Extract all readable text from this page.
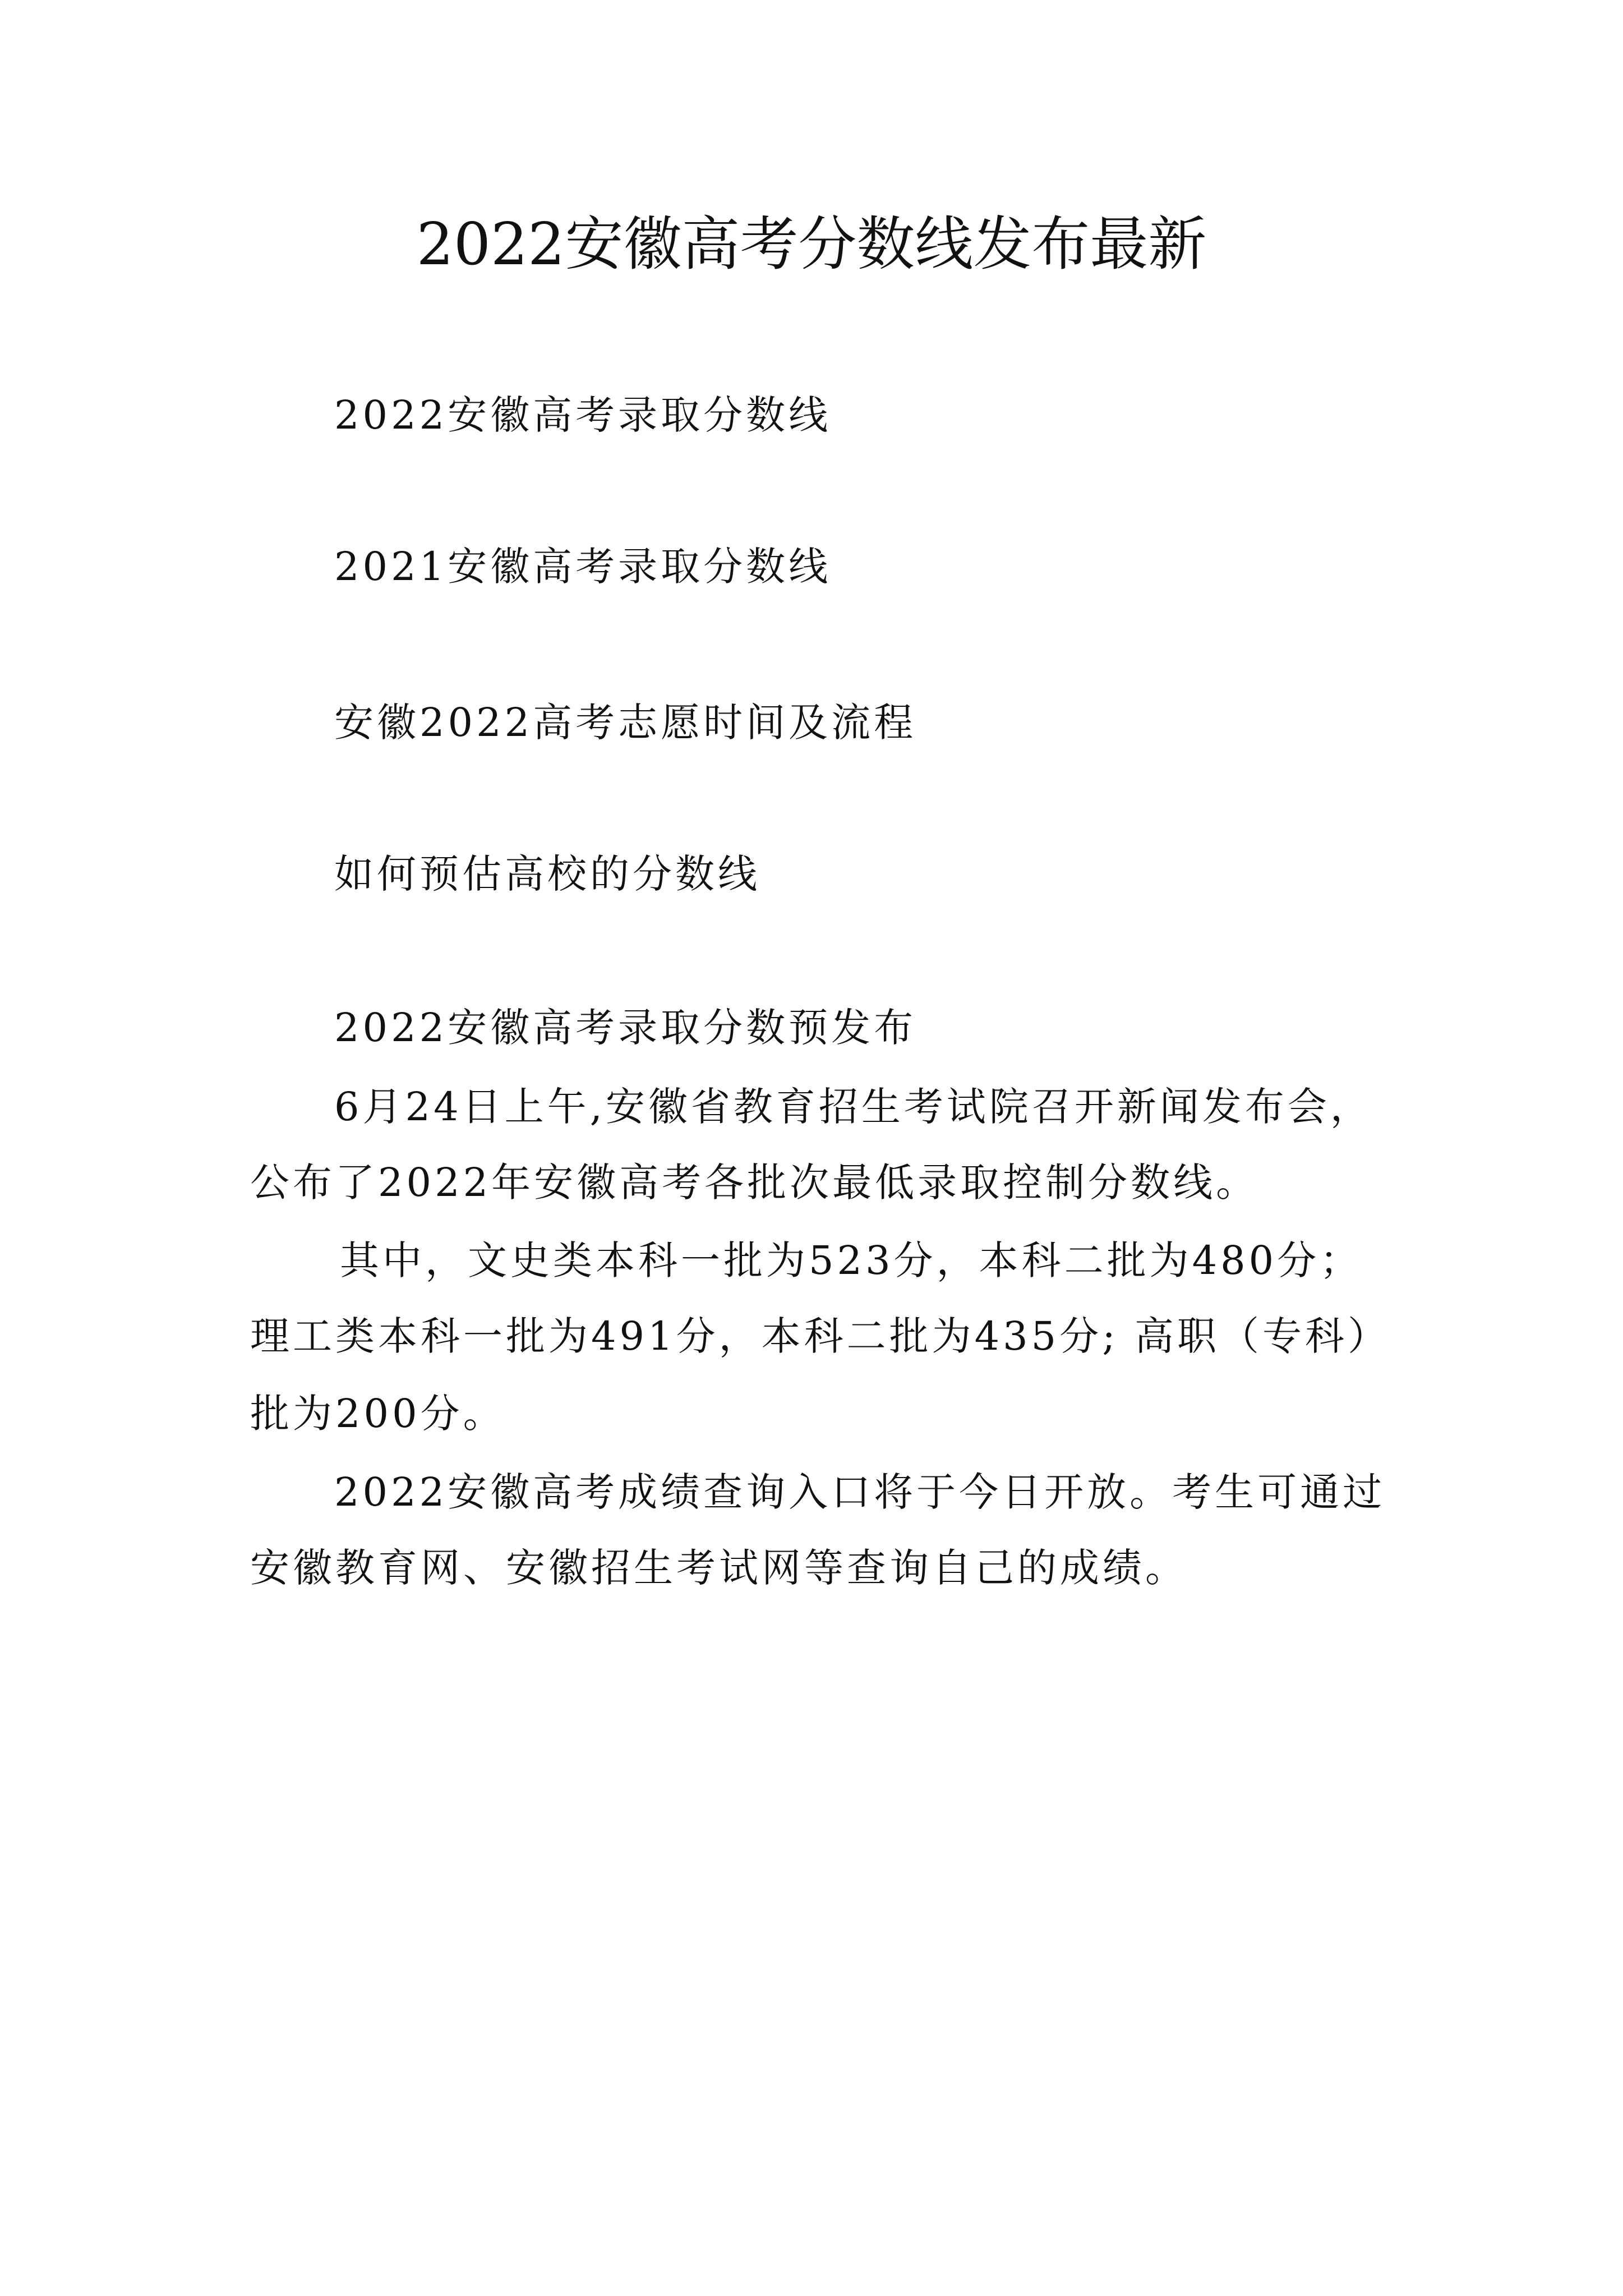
2022安徽高考分数线发布最新

2022安徽高考录取分数线

2021安徽高考录取分数线

安徽2022高考志愿时间及流程

如何预估高校的分数线

2022安徽高考录取分数预发布

6月24日上午,安徽省教育招生考试院召开新闻发布会，

公布了2022年安徽高考各批次最低录取控制分数线。

其中，文史类本科一批为523分，本科二批为480分；

理工类本科一批为491分，本科二批为435分; 高职（专科）

批为200分。

2022安徽高考成绩查询入口将于今日开放。考生可通过

安徽教育网、安徽招生考试网等查询自己的成绩。
